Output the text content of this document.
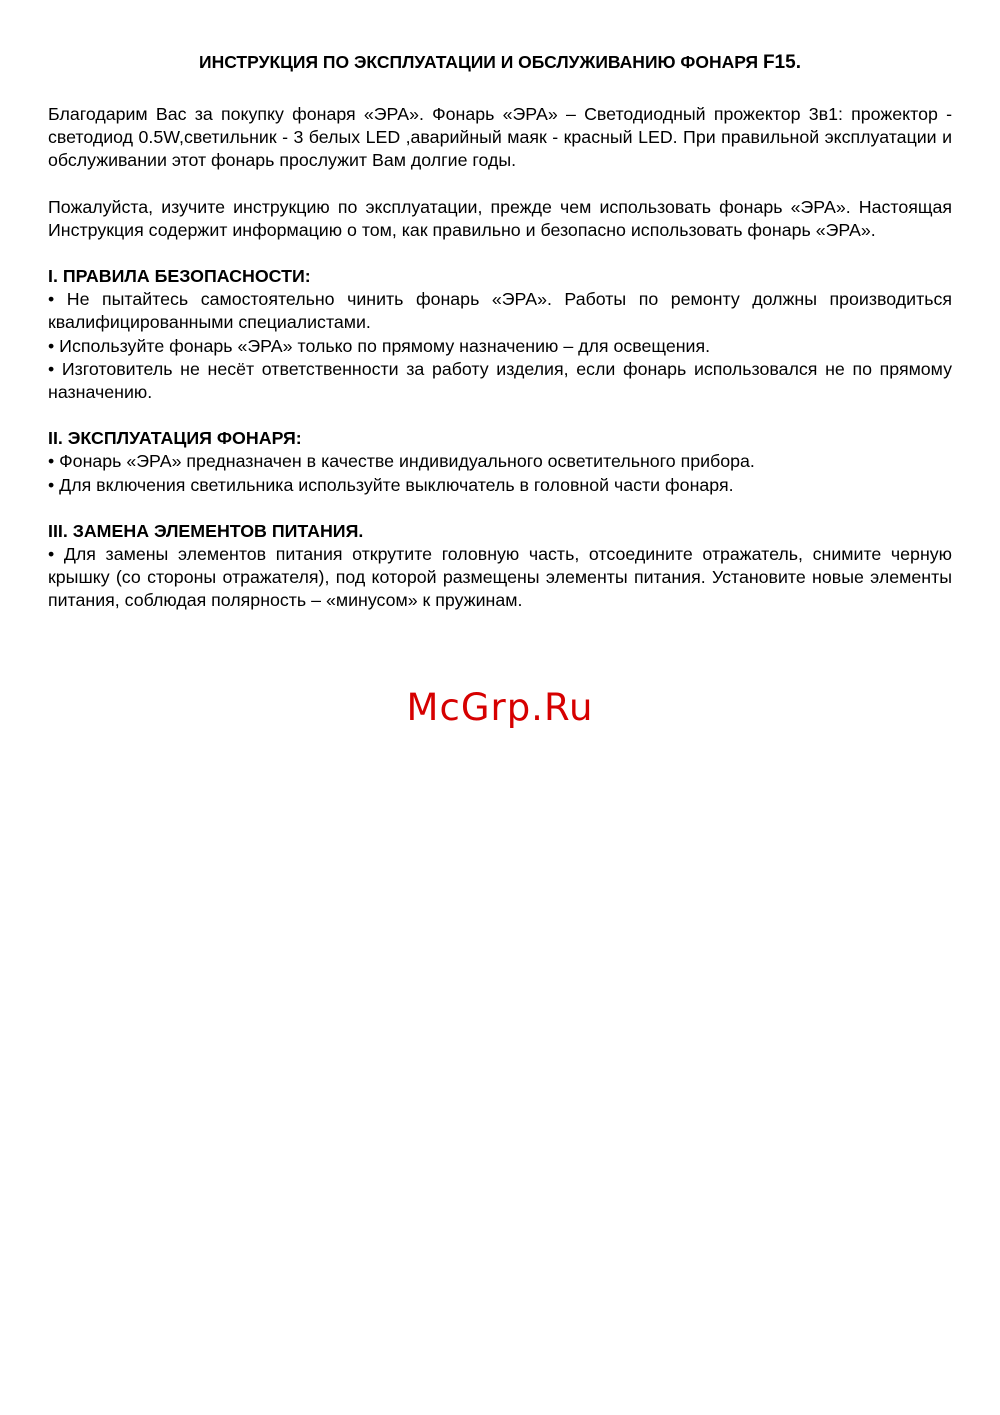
ИНСТРУКЦИЯ ПО ЭКСПЛУАТАЦИИ И ОБСЛУЖИВАНИЮ ФОНАРЯ F15.

Благодарим Вас за покупку фонаря «ЭРА». Фонарь «ЭРА» – Светодиодный прожектор 3в1: прожектор - светодиод 0.5W,светильник - 3 белых LED ,аварийный маяк - красный LED. При правильной эксплуатации и обслуживании этот фонарь прослужит Вам долгие годы.

Пожалуйста, изучите инструкцию по эксплуатации, прежде чем использовать фонарь «ЭРА». Настоящая Инструкция содержит информацию о том, как правильно и безопасно использовать фонарь «ЭРА».

I. ПРАВИЛА БЕЗОПАСНОСТИ:

• Не пытайтесь самостоятельно чинить фонарь «ЭРА». Работы по ремонту должны производиться квалифицированными специалистами.

• Используйте фонарь «ЭРА» только по прямому назначению – для освещения.

• Изготовитель не несёт ответственности за работу изделия, если фонарь использовался не по прямому назначению.

II. ЭКСПЛУАТАЦИЯ ФОНАРЯ:

• Фонарь «ЭРА» предназначен в качестве индивидуального осветительного прибора.

• Для включения светильника используйте выключатель в головной части фонаря.

III. ЗАМЕНА ЭЛЕМЕНТОВ ПИТАНИЯ.

• Для замены элементов питания открутите головную часть, отсоедините отражатель, снимите черную крышку (со стороны отражателя), под которой размещены элементы питания. Установите новые элементы питания, соблюдая полярность – «минусом» к пружинам.

McGrp.Ru
